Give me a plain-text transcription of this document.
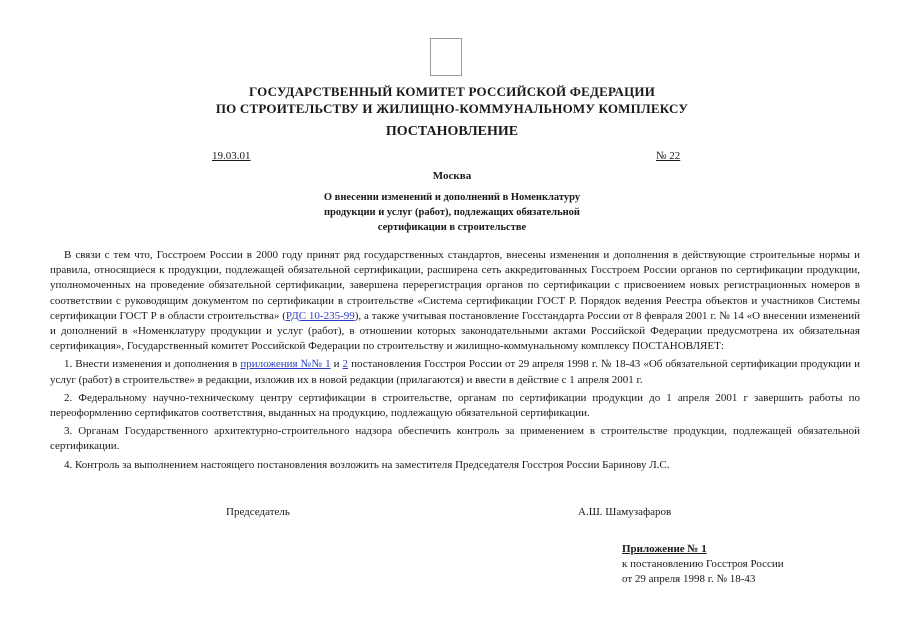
ГОСУДАРСТВЕННЫЙ КОМИТЕТ РОССИЙСКОЙ ФЕДЕРАЦИИ
ПО СТРОИТЕЛЬСТВУ И ЖИЛИЩНО-КОММУНАЛЬНОМУ КОМПЛЕКСУ
ПОСТАНОВЛЕНИЕ
19.03.01	№ 22
Москва
О внесении изменений и дополнений в Номенклатуру
продукции и услуг (работ), подлежащих обязательной
сертификации в строительстве

В связи с тем что, Госстроем России в 2000 году принят ряд государственных стандартов, внесены изменения и дополнения в действующие строительные нормы и правила, относящиеся к продукции, подлежащей обязательной сертификации, расширена сеть аккредитованных Госстроем России органов по сертификации продукции, уполномоченных на проведение обязательной сертификации, завершена перерегистрация органов по сертификации с присвоением новых регистрационных номеров в соответствии с руководящим документом по сертификации в строительстве «Система сертификации ГОСТ Р. Порядок ведения Реестра объектов и участников Системы сертификации ГОСТ Р в области строительства» (РДС 10-235-99), а также учитывая постановление Госстандарта России от 8 февраля 2001 г. № 14 «О внесении изменений и дополнений в «Номенклатуру продукции и услуг (работ), в отношении которых законодательными актами Российской Федерации предусмотрена их обязательная сертификация», Государственный комитет Российской Федерации по строительству и жилищно-коммунальному комплексу ПОСТАНОВЛЯЕТ:

1. Внести изменения и дополнения в приложения №№ 1 и 2 постановления Госстроя России от 29 апреля 1998 г. № 18-43 «Об обязательной сертификации продукции и услуг (работ) в строительстве» в редакции, изложив их в новой редакции (прилагаются) и ввести в действие с 1 апреля 2001 г.

2. Федеральному научно-техническому центру сертификации в строительстве, органам по сертификации продукции до 1 апреля 2001 г завершить работы по переоформлению сертификатов соответствия, выданных на продукцию, подлежащую обязательной сертификации.

3. Органам Государственного архитектурно-строительного надзора обеспечить контроль за применением в строительстве продукции, подлежащей обязательной сертификации.

4. Контроль за выполнением настоящего постановления возложить на заместителя Председателя Госстроя России Баринову Л.С.

Председатель	А.Ш. Шамузафаров
Приложение № 1
к постановлению Госстроя России
от 29 апреля 1998 г. № 18-43
